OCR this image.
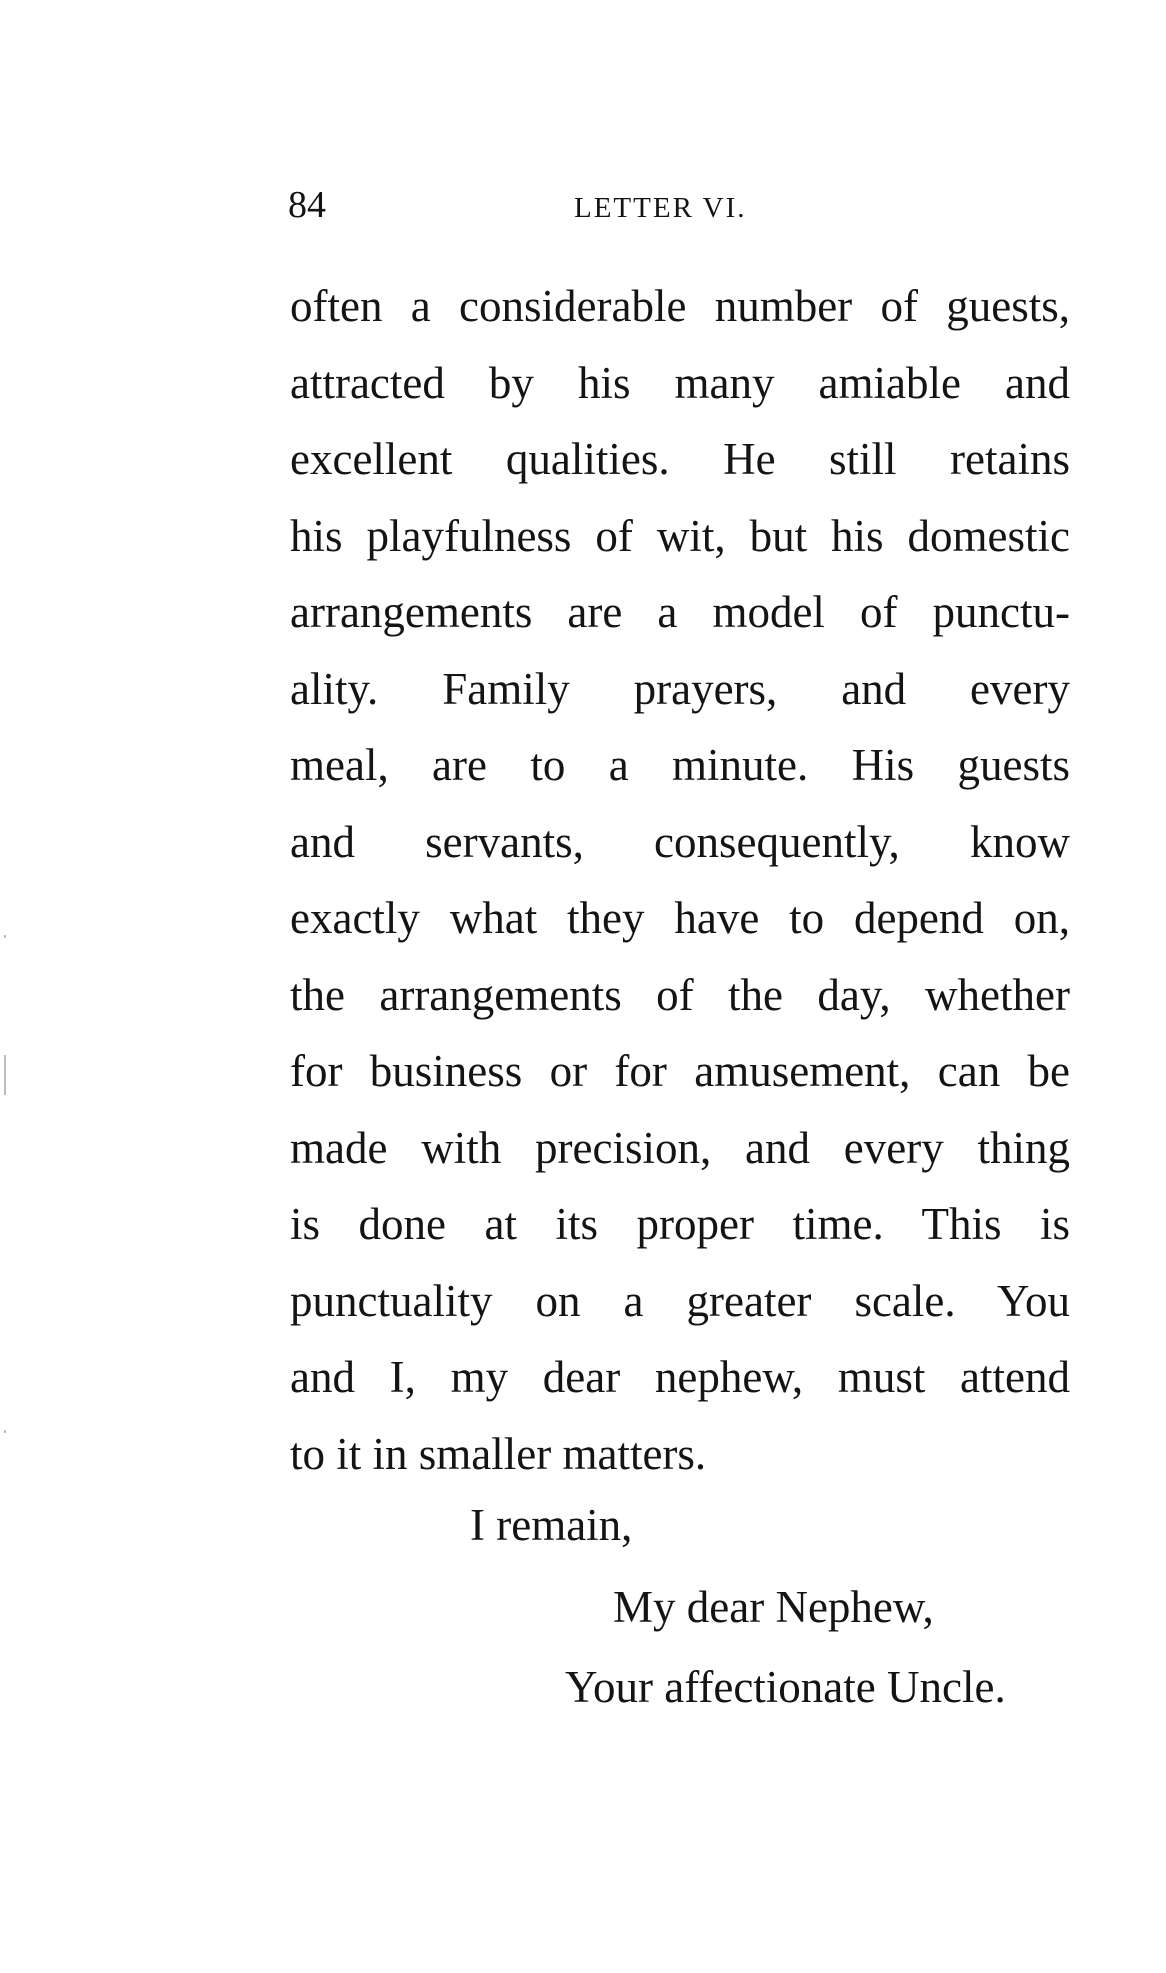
84	LETTER VI.
often a considerable number of guests,
attracted by his many amiable and
excellent qualities. He still retains
his playfulness of wit, but his domestic
arrangements are a model of punctu-
ality. Family prayers, and every
meal, are to a minute. His guests
and servants, consequently, know
exactly what they have to depend on,
the arrangements of the day, whether
for business or for amusement, can be
made with precision, and every thing
is done at its proper time. This is
punctuality on a greater scale. You
and I, my dear nephew, must attend
to it in smaller matters.
I remain,
My dear Nephew,
Your affectionate Uncle.
